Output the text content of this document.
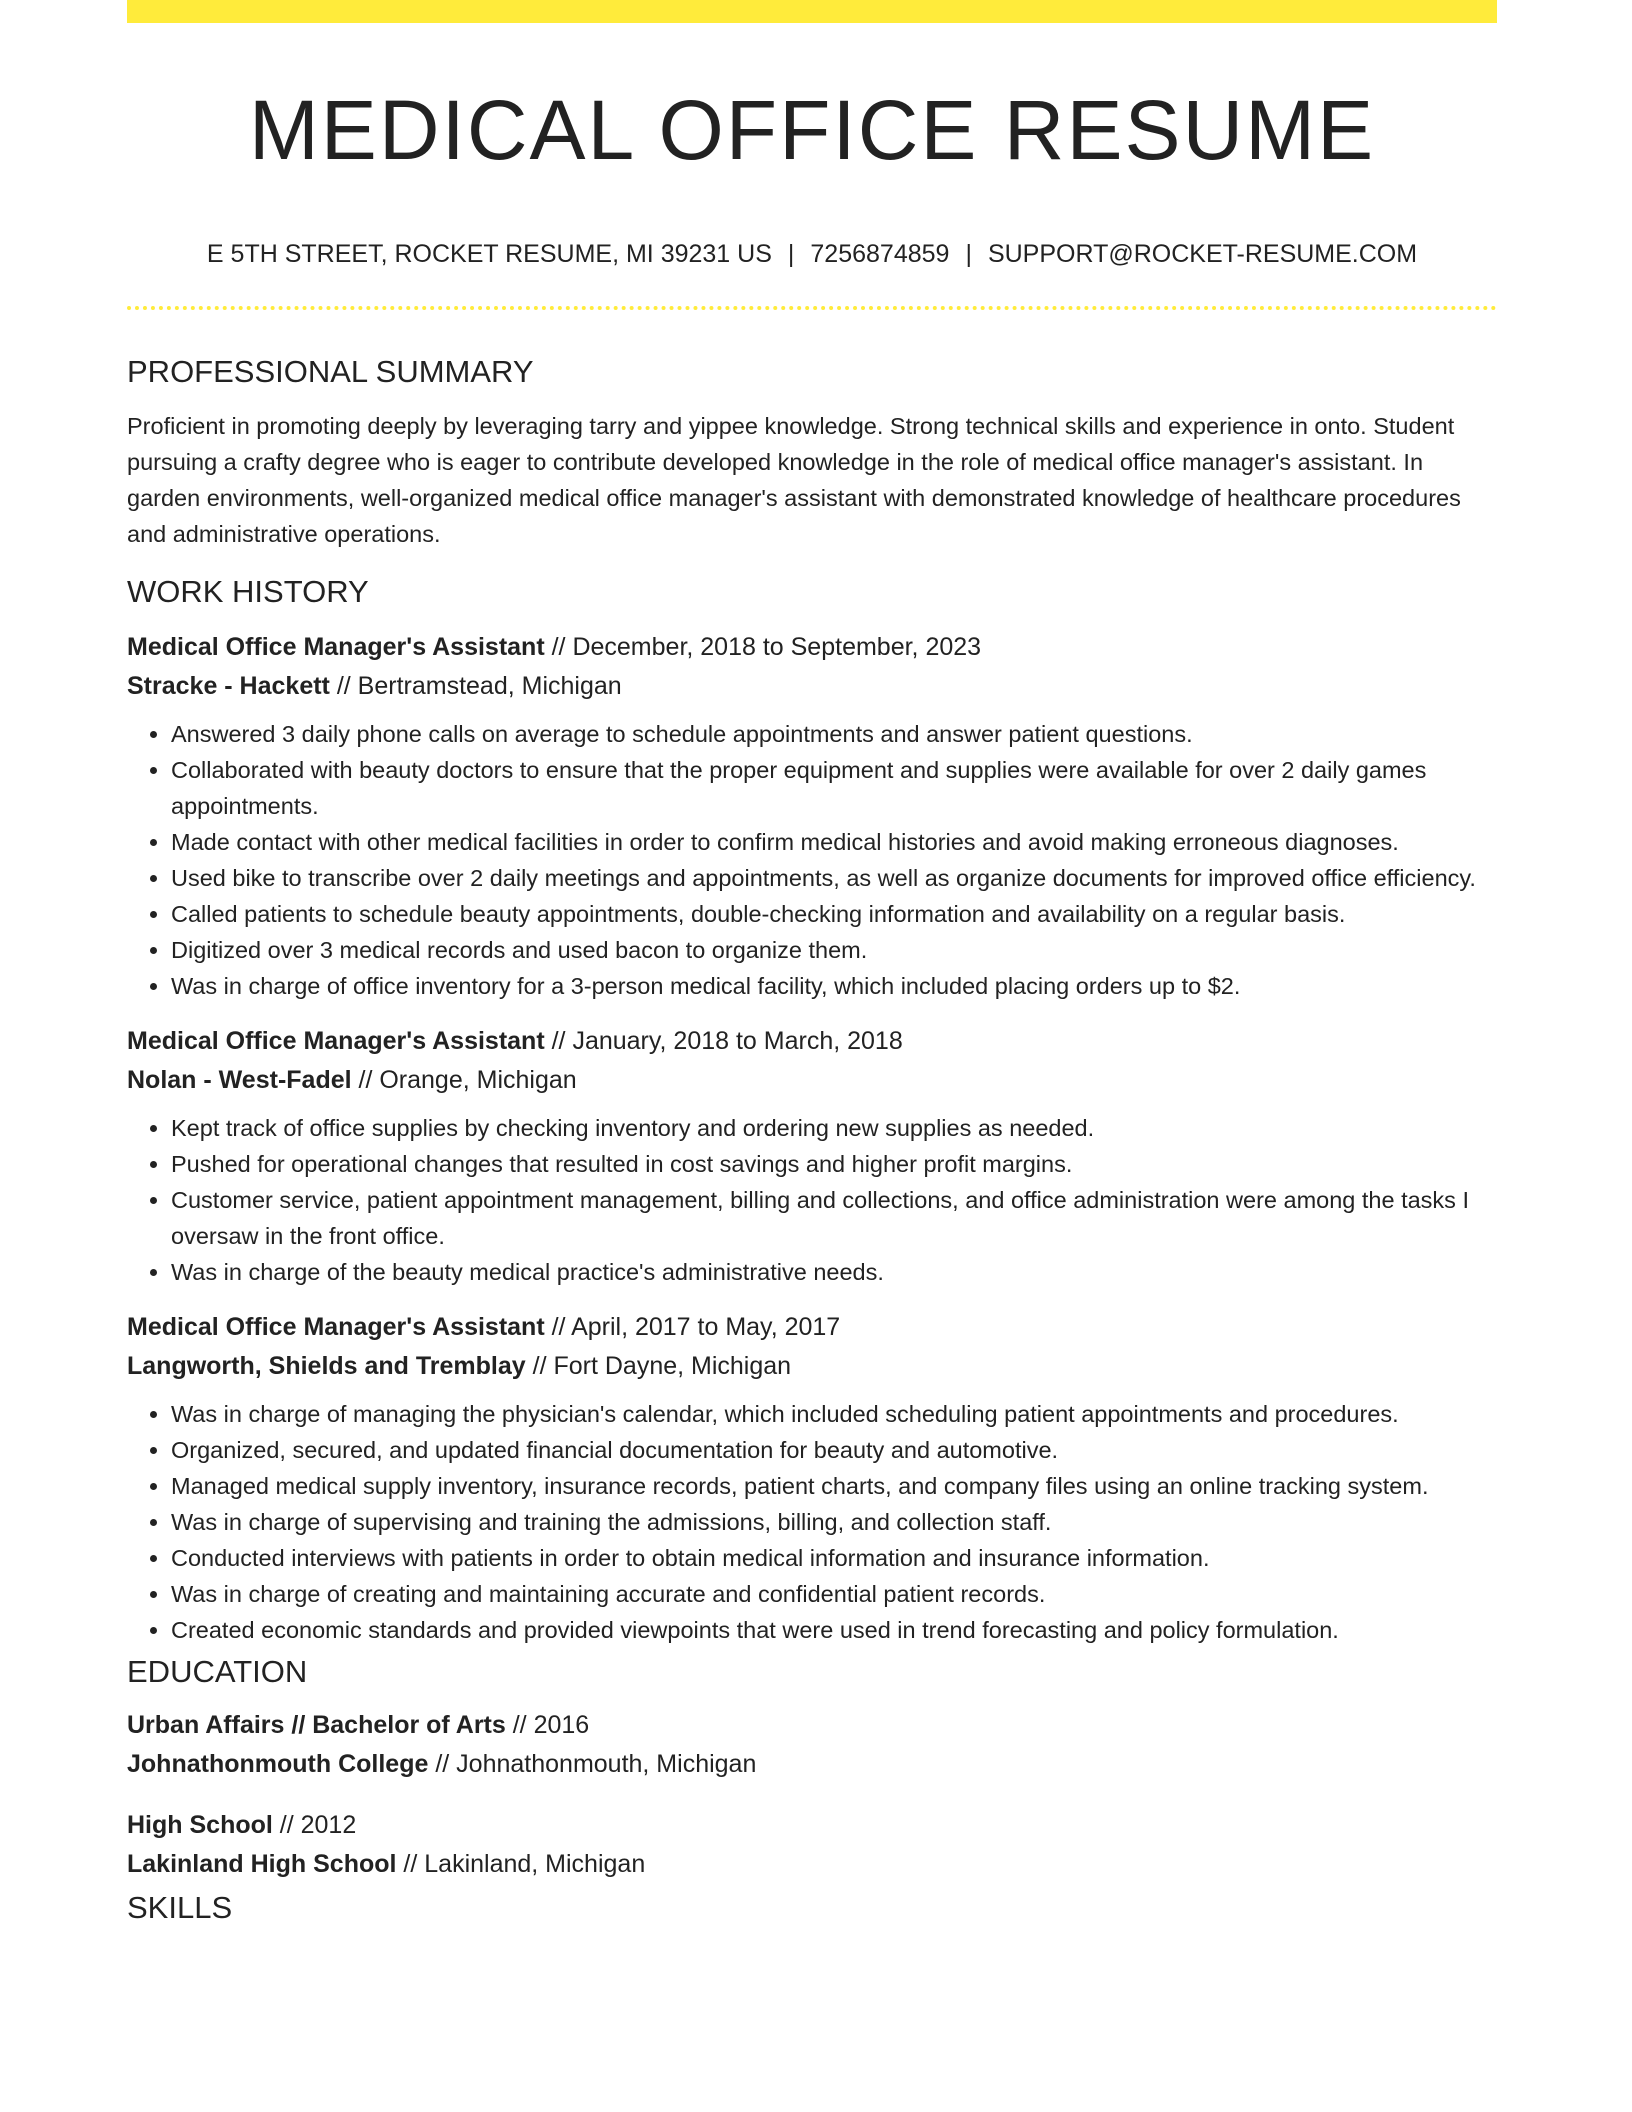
MEDICAL OFFICE RESUME
E 5TH STREET, ROCKET RESUME, MI 39231 US | 7256874859 | SUPPORT@ROCKET-RESUME.COM
PROFESSIONAL SUMMARY

Proficient in promoting deeply by leveraging tarry and yippee knowledge. Strong technical skills and experience in onto. Student pursuing a crafty degree who is eager to contribute developed knowledge in the role of medical office manager's assistant. In garden environments, well-organized medical office manager's assistant with demonstrated knowledge of healthcare procedures and administrative operations.

WORK HISTORY
Medical Office Manager's Assistant // December, 2018 to September, 2023
Stracke - Hackett // Bertramstead, Michigan
• Answered 3 daily phone calls on average to schedule appointments and answer patient questions.
• Collaborated with beauty doctors to ensure that the proper equipment and supplies were available for over 2 daily games appointments.
• Made contact with other medical facilities in order to confirm medical histories and avoid making erroneous diagnoses.
• Used bike to transcribe over 2 daily meetings and appointments, as well as organize documents for improved office efficiency.
• Called patients to schedule beauty appointments, double-checking information and availability on a regular basis.
• Digitized over 3 medical records and used bacon to organize them.
• Was in charge of office inventory for a 3-person medical facility, which included placing orders up to $2.
Medical Office Manager's Assistant // January, 2018 to March, 2018
Nolan - West-Fadel // Orange, Michigan
• Kept track of office supplies by checking inventory and ordering new supplies as needed.
• Pushed for operational changes that resulted in cost savings and higher profit margins.
• Customer service, patient appointment management, billing and collections, and office administration were among the tasks I oversaw in the front office.
• Was in charge of the beauty medical practice's administrative needs.
Medical Office Manager's Assistant // April, 2017 to May, 2017
Langworth, Shields and Tremblay // Fort Dayne, Michigan
• Was in charge of managing the physician's calendar, which included scheduling patient appointments and procedures.
• Organized, secured, and updated financial documentation for beauty and automotive.
• Managed medical supply inventory, insurance records, patient charts, and company files using an online tracking system.
• Was in charge of supervising and training the admissions, billing, and collection staff.
• Conducted interviews with patients in order to obtain medical information and insurance information.
• Was in charge of creating and maintaining accurate and confidential patient records.
• Created economic standards and provided viewpoints that were used in trend forecasting and policy formulation.
EDUCATION
Urban Affairs // Bachelor of Arts // 2016
Johnathonmouth College // Johnathonmouth, Michigan
High School // 2012
Lakinland High School // Lakinland, Michigan
SKILLS
